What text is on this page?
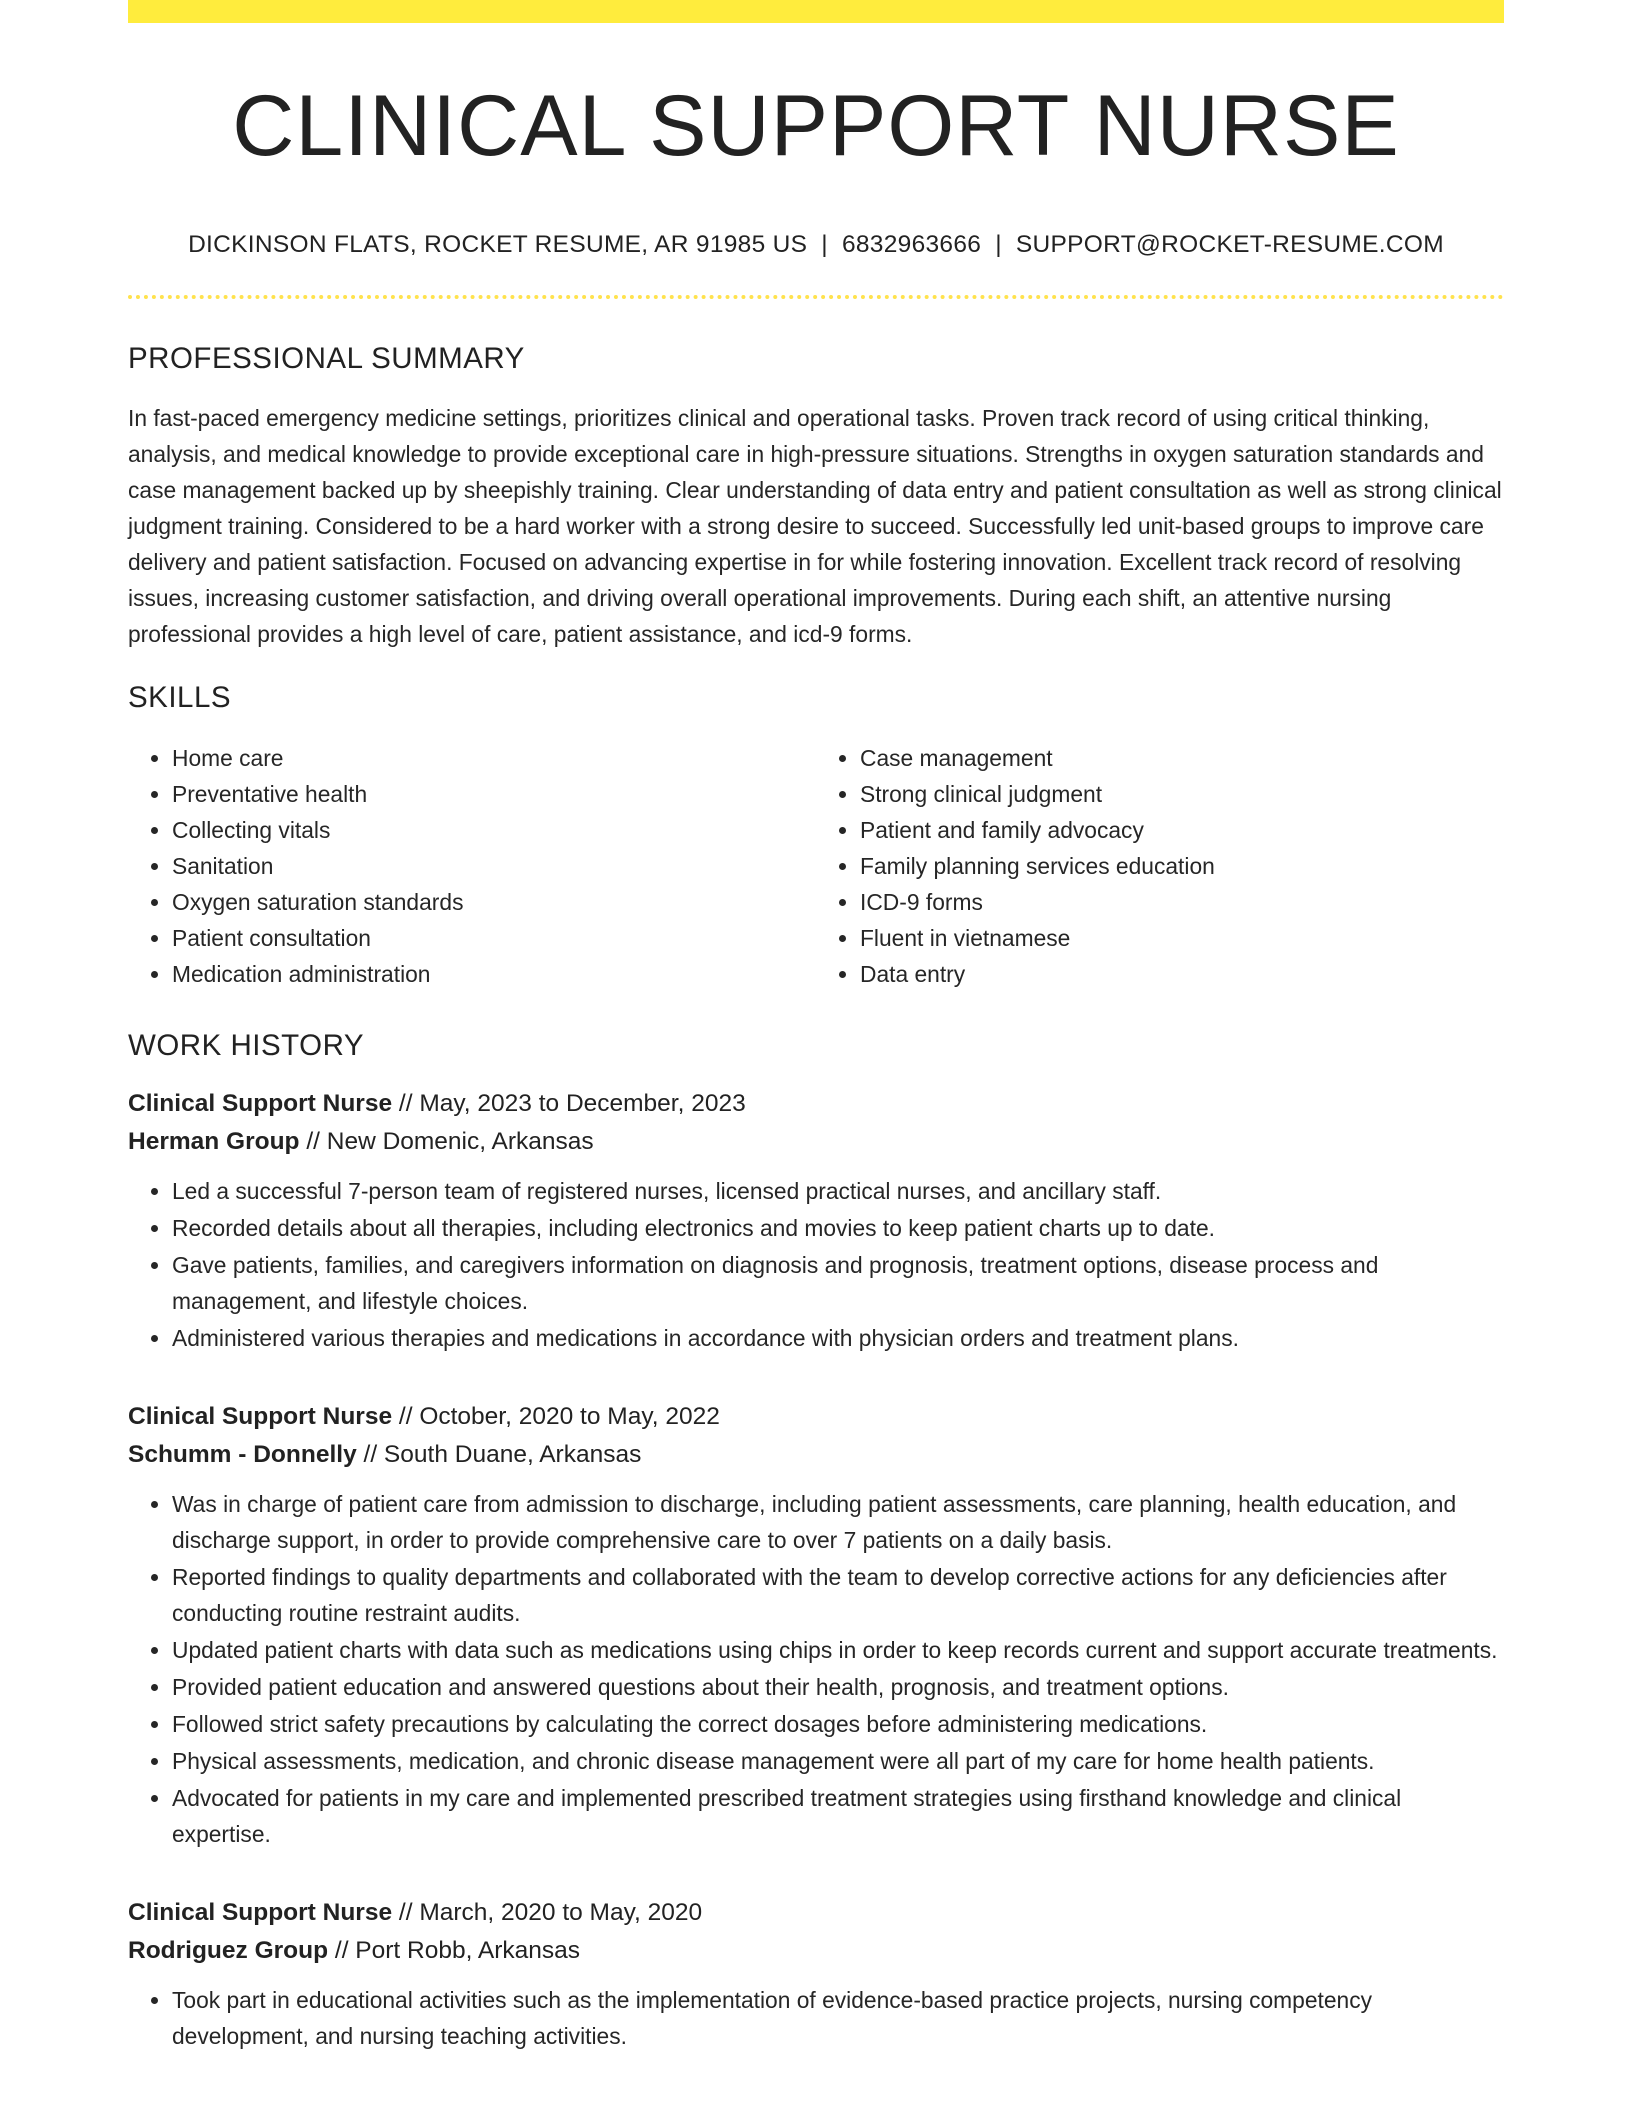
CLINICAL SUPPORT NURSE
DICKINSON FLATS, ROCKET RESUME, AR 91985 US | 6832963666 | SUPPORT@ROCKET-RESUME.COM
PROFESSIONAL SUMMARY

In fast-paced emergency medicine settings, prioritizes clinical and operational tasks. Proven track record of using critical thinking, analysis, and medical knowledge to provide exceptional care in high-pressure situations. Strengths in oxygen saturation standards and case management backed up by sheepishly training. Clear understanding of data entry and patient consultation as well as strong clinical judgment training. Considered to be a hard worker with a strong desire to succeed. Successfully led unit-based groups to improve care delivery and patient satisfaction. Focused on advancing expertise in for while fostering innovation. Excellent track record of resolving issues, increasing customer satisfaction, and driving overall operational improvements. During each shift, an attentive nursing professional provides a high level of care, patient assistance, and icd-9 forms.

SKILLS
• Home care
• Preventative health
• Collecting vitals
• Sanitation
• Oxygen saturation standards
• Patient consultation
• Medication administration
• Case management
• Strong clinical judgment
• Patient and family advocacy
• Family planning services education
• ICD-9 forms
• Fluent in vietnamese
• Data entry
WORK HISTORY
Clinical Support Nurse // May, 2023 to December, 2023
Herman Group // New Domenic, Arkansas
• Led a successful 7-person team of registered nurses, licensed practical nurses, and ancillary staff.
• Recorded details about all therapies, including electronics and movies to keep patient charts up to date.
• Gave patients, families, and caregivers information on diagnosis and prognosis, treatment options, disease process and management, and lifestyle choices.
• Administered various therapies and medications in accordance with physician orders and treatment plans.
Clinical Support Nurse // October, 2020 to May, 2022
Schumm - Donnelly // South Duane, Arkansas
• Was in charge of patient care from admission to discharge, including patient assessments, care planning, health education, and discharge support, in order to provide comprehensive care to over 7 patients on a daily basis.
• Reported findings to quality departments and collaborated with the team to develop corrective actions for any deficiencies after conducting routine restraint audits.
• Updated patient charts with data such as medications using chips in order to keep records current and support accurate treatments.
• Provided patient education and answered questions about their health, prognosis, and treatment options.
• Followed strict safety precautions by calculating the correct dosages before administering medications.
• Physical assessments, medication, and chronic disease management were all part of my care for home health patients.
• Advocated for patients in my care and implemented prescribed treatment strategies using firsthand knowledge and clinical expertise.
Clinical Support Nurse // March, 2020 to May, 2020
Rodriguez Group // Port Robb, Arkansas
• Took part in educational activities such as the implementation of evidence-based practice projects, nursing competency development, and nursing teaching activities.
